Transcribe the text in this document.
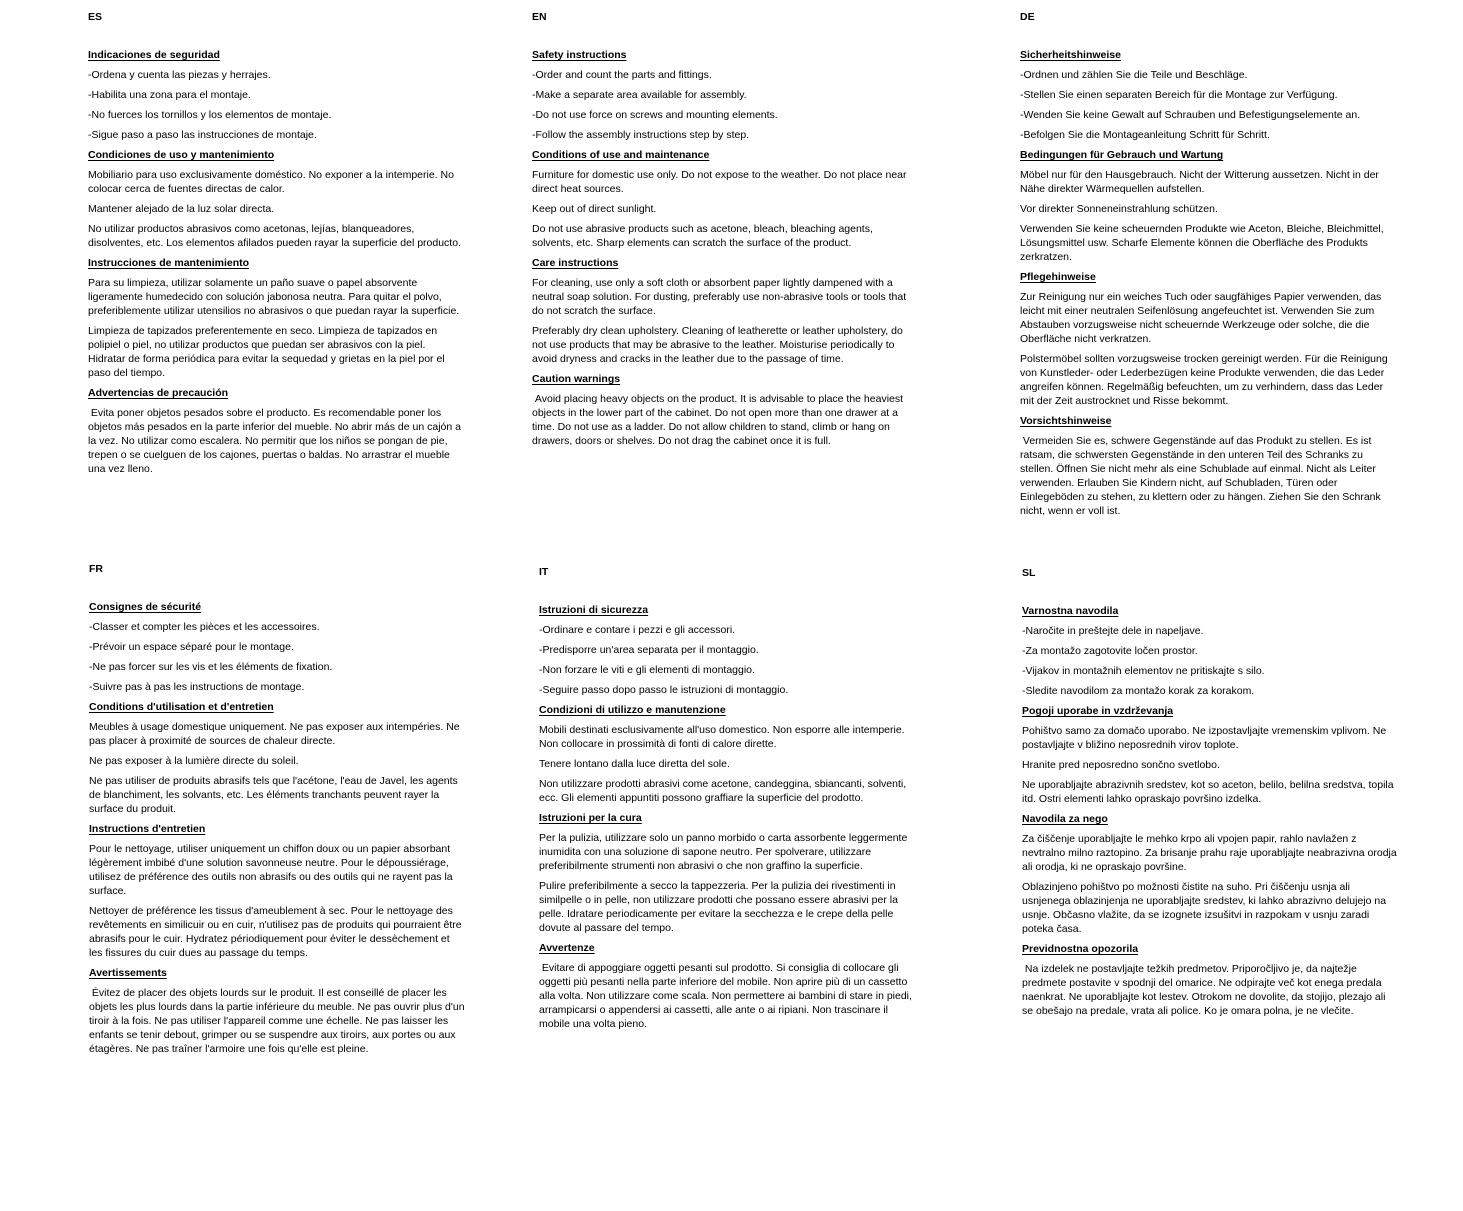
ES
Indicaciones de seguridad
-Ordena y cuenta las piezas y herrajes.
-Habilita una zona para el montaje.
-No fuerces los tornillos y los elementos de montaje.
-Sigue paso a paso las instrucciones de montaje.
Condiciones de uso y mantenimiento
Mobiliario para uso exclusivamente doméstico. No exponer a la intemperie. No colocar cerca de fuentes directas de calor.
Mantener alejado de la luz solar directa.
No utilizar productos abrasivos como acetonas, lejías, blanqueadores, disolventes, etc. Los elementos afilados pueden rayar la superficie del producto.
Instrucciones de mantenimiento
Para su limpieza, utilizar solamente un paño suave o papel absorvente ligeramente humedecido con solución jabonosa neutra. Para quitar el polvo, preferiblemente utilizar utensilios no abrasivos o que puedan rayar la superficie.
Limpieza de tapizados preferentemente en seco. Limpieza de tapizados en polipiel o piel, no utilizar productos que puedan ser abrasivos con la piel. Hidratar de forma periódica para evitar la sequedad y grietas en la piel por el paso del tiempo.
Advertencias de precaución
Evita poner objetos pesados sobre el producto. Es recomendable poner los objetos más pesados en la parte inferior del mueble. No abrir más de un cajón a la vez. No utilizar como escalera. No permitir que los niños se pongan de pie, trepen o se cuelguen de los cajones, puertas o baldas. No arrastrar el mueble una vez lleno.
EN
Safety instructions
-Order and count the parts and fittings.
-Make a separate area available for assembly.
-Do not use force on screws and mounting elements.
-Follow the assembly instructions step by step.
Conditions of use and maintenance
Furniture for domestic use only. Do not expose to the weather. Do not place near direct heat sources.
Keep out of direct sunlight.
Do not use abrasive products such as acetone, bleach, bleaching agents, solvents, etc. Sharp elements can scratch the surface of the product.
Care instructions
For cleaning, use only a soft cloth or absorbent paper lightly dampened with a neutral soap solution. For dusting, preferably use non-abrasive tools or tools that do not scratch the surface.
Preferably dry clean upholstery. Cleaning of leatherette or leather upholstery, do not use products that may be abrasive to the leather. Moisturise periodically to avoid dryness and cracks in the leather due to the passage of time.
Caution warnings
Avoid placing heavy objects on the product. It is advisable to place the heaviest objects in the lower part of the cabinet. Do not open more than one drawer at a time. Do not use as a ladder. Do not allow children to stand, climb or hang on drawers, doors or shelves. Do not drag the cabinet once it is full.
DE
Sicherheitshinweise
-Ordnen und zählen Sie die Teile und Beschläge.
-Stellen Sie einen separaten Bereich für die Montage zur Verfügung.
-Wenden Sie keine Gewalt auf Schrauben und Befestigungselemente an.
-Befolgen Sie die Montageanleitung Schritt für Schritt.
Bedingungen für Gebrauch und Wartung
Möbel nur für den Hausgebrauch. Nicht der Witterung aussetzen. Nicht in der Nähe direkter Wärmequellen aufstellen.
Vor direkter Sonneneinstrahlung schützen.
Verwenden Sie keine scheuernden Produkte wie Aceton, Bleiche, Bleichmittel, Lösungsmittel usw. Scharfe Elemente können die Oberfläche des Produkts zerkratzen.
Pflegehinweise
Zur Reinigung nur ein weiches Tuch oder saugfähiges Papier verwenden, das leicht mit einer neutralen Seifenlösung angefeuchtet ist. Verwenden Sie zum Abstauben vorzugsweise nicht scheuernde Werkzeuge oder solche, die die Oberfläche nicht verkratzen.
Polstermöbel sollten vorzugsweise trocken gereinigt werden. Für die Reinigung von Kunstleder- oder Lederbezügen keine Produkte verwenden, die das Leder angreifen können. Regelmäßig befeuchten, um zu verhindern, dass das Leder mit der Zeit austrocknet und Risse bekommt.
Vorsichtshinweise
Vermeiden Sie es, schwere Gegenstände auf das Produkt zu stellen. Es ist ratsam, die schwersten Gegenstände in den unteren Teil des Schranks zu stellen. Öffnen Sie nicht mehr als eine Schublade auf einmal. Nicht als Leiter verwenden. Erlauben Sie Kindern nicht, auf Schubladen, Türen oder Einlegeböden zu stehen, zu klettern oder zu hängen. Ziehen Sie den Schrank nicht, wenn er voll ist.
FR
Consignes de sécurité
-Classer et compter les pièces et les accessoires.
-Prévoir un espace séparé pour le montage.
-Ne pas forcer sur les vis et les éléments de fixation.
-Suivre pas à pas les instructions de montage.
Conditions d'utilisation et d'entretien
Meubles à usage domestique uniquement. Ne pas exposer aux intempéries. Ne pas placer à proximité de sources de chaleur directe.
Ne pas exposer à la lumière directe du soleil.
Ne pas utiliser de produits abrasifs tels que l'acétone, l'eau de Javel, les agents de blanchiment, les solvants, etc. Les éléments tranchants peuvent rayer la surface du produit.
Instructions d'entretien
Pour le nettoyage, utiliser uniquement un chiffon doux ou un papier absorbant légèrement imbibé d'une solution savonneuse neutre. Pour le dépoussiérage, utilisez de préférence des outils non abrasifs ou des outils qui ne rayent pas la surface.
Nettoyer de préférence les tissus d'ameublement à sec. Pour le nettoyage des revêtements en similicuir ou en cuir, n'utilisez pas de produits qui pourraient être abrasifs pour le cuir. Hydratez périodiquement pour éviter le dessèchement et les fissures du cuir dues au passage du temps.
Avertissements
Évitez de placer des objets lourds sur le produit. Il est conseillé de placer les objets les plus lourds dans la partie inférieure du meuble. Ne pas ouvrir plus d'un tiroir à la fois. Ne pas utiliser l'appareil comme une échelle. Ne pas laisser les enfants se tenir debout, grimper ou se suspendre aux tiroirs, aux portes ou aux étagères. Ne pas traîner l'armoire une fois qu'elle est pleine.
IT
Istruzioni di sicurezza
-Ordinare e contare i pezzi e gli accessori.
-Predisporre un'area separata per il montaggio.
-Non forzare le viti e gli elementi di montaggio.
-Seguire passo dopo passo le istruzioni di montaggio.
Condizioni di utilizzo e manutenzione
Mobili destinati esclusivamente all'uso domestico. Non esporre alle intemperie. Non collocare in prossimità di fonti di calore dirette.
Tenere lontano dalla luce diretta del sole.
Non utilizzare prodotti abrasivi come acetone, candeggina, sbiancanti, solventi, ecc. Gli elementi appuntiti possono graffiare la superficie del prodotto.
Istruzioni per la cura
Per la pulizia, utilizzare solo un panno morbido o carta assorbente leggermente inumidita con una soluzione di sapone neutro. Per spolverare, utilizzare preferibilmente strumenti non abrasivi o che non graffino la superficie.
Pulire preferibilmente a secco la tappezzeria. Per la pulizia dei rivestimenti in similpelle o in pelle, non utilizzare prodotti che possano essere abrasivi per la pelle. Idratare periodicamente per evitare la secchezza e le crepe della pelle dovute al passare del tempo.
Avvertenze
Evitare di appoggiare oggetti pesanti sul prodotto. Si consiglia di collocare gli oggetti più pesanti nella parte inferiore del mobile. Non aprire più di un cassetto alla volta. Non utilizzare come scala. Non permettere ai bambini di stare in piedi, arrampicarsi o appendersi ai cassetti, alle ante o ai ripiani. Non trascinare il mobile una volta pieno.
SL
Varnostna navodila
-Naročite in preštejte dele in napeljave.
-Za montažo zagotovite ločen prostor.
-Vijakov in montažnih elementov ne pritiskajte s silo.
-Sledite navodilom za montažo korak za korakom.
Pogoji uporabe in vzdrževanja
Pohištvo samo za domačo uporabo. Ne izpostavljajte vremenskim vplivom. Ne postavljajte v bližino neposrednih virov toplote.
Hranite pred neposredno sončno svetlobo.
Ne uporabljajte abrazivnih sredstev, kot so aceton, belilo, belilna sredstva, topila itd. Ostri elementi lahko opraskajo površino izdelka.
Navodila za nego
Za čiščenje uporabljajte le mehko krpo ali vpojen papir, rahlo navlažen z nevtralno milno raztopino. Za brisanje prahu raje uporabljajte neabrazivna orodja ali orodja, ki ne opraskajo površine.
Oblazinjeno pohištvo po možnosti čistite na suho. Pri čiščenju usnja ali usnjenega oblazinjenja ne uporabljajte sredstev, ki lahko abrazivno delujejo na usnje. Občasno vlažite, da se izognete izsušitvi in razpokam v usnju zaradi poteka časa.
Previdnostna opozorila
Na izdelek ne postavljajte težkih predmetov. Priporočljivo je, da najtežje predmete postavite v spodnji del omarice. Ne odpirajte več kot enega predala naenkrat. Ne uporabljajte kot lestev. Otrokom ne dovolite, da stojijo, plezajo ali se obešajo na predale, vrata ali police. Ko je omara polna, je ne vlečite.
